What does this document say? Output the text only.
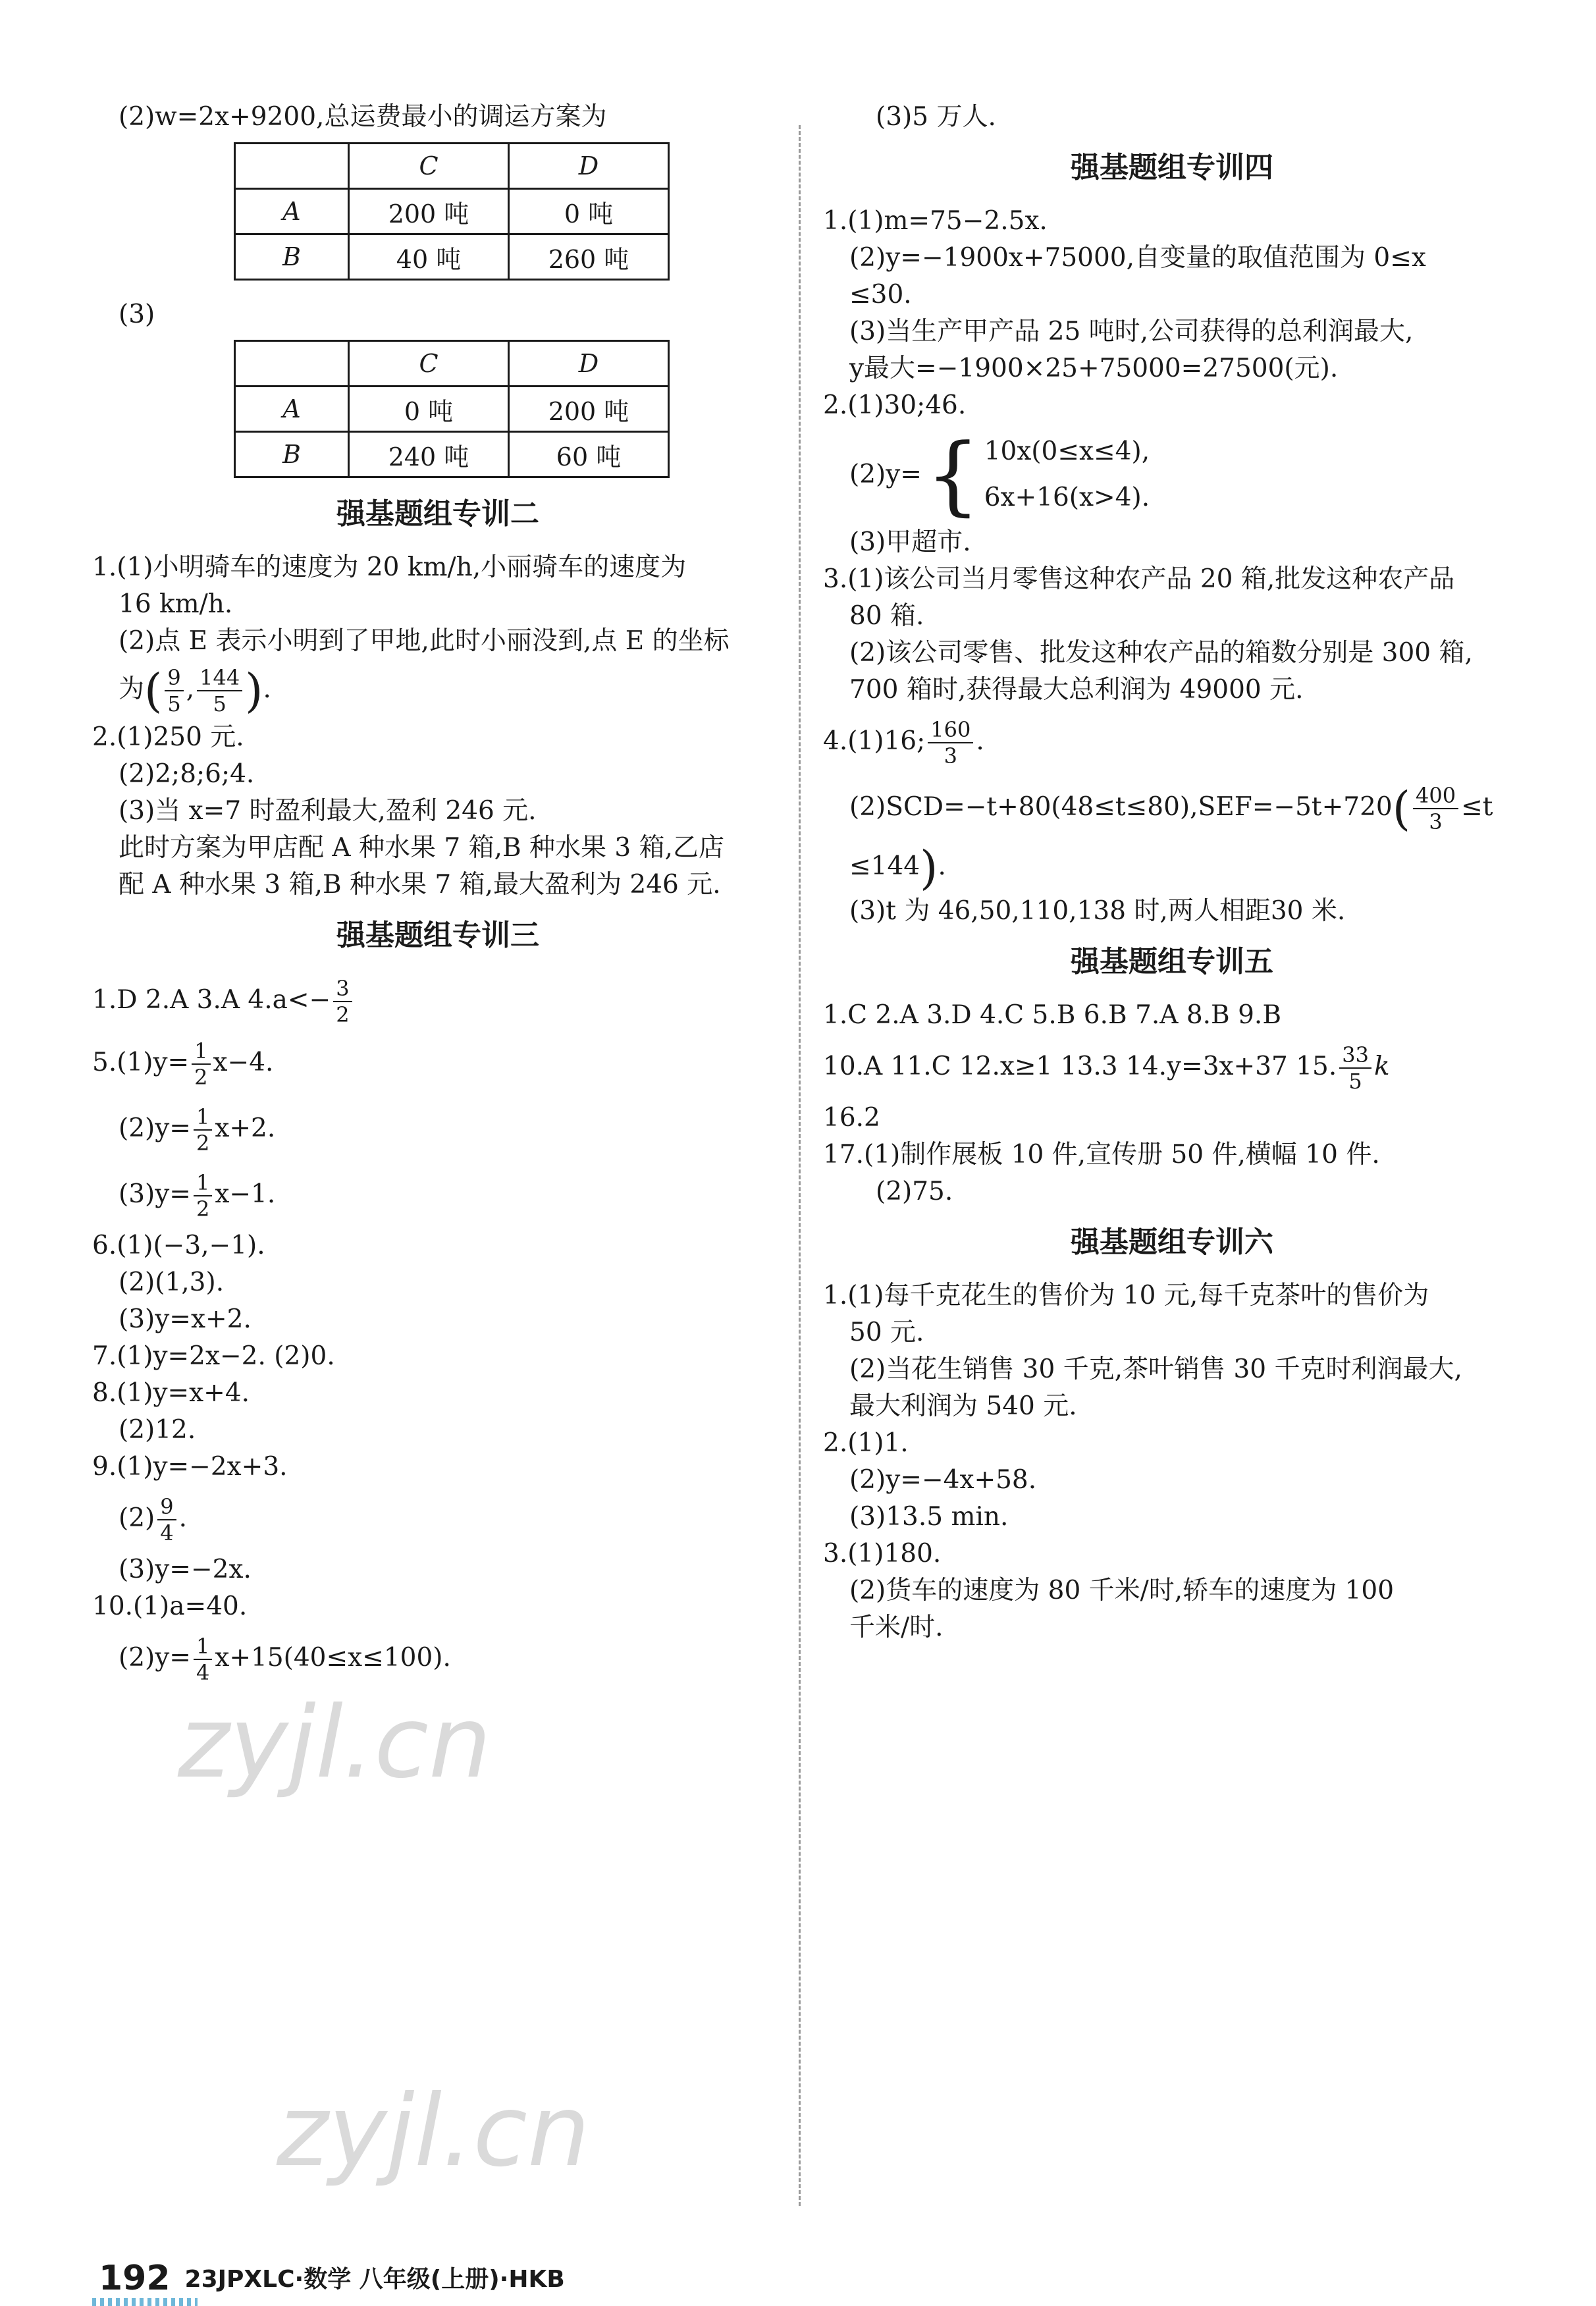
(2)w=2x+9200,总运费最小的调运方案为

	C	D
A	200 吨	0 吨
B	40 吨	260 吨

(3)

	C	D
A	0 吨	200 吨
B	240 吨	60 吨
强基题组专训二

1.(1)小明骑车的速度为 20 km/h,小丽骑车的速度为

16 km/h.

(2)点 E 表示小明到了甲地,此时小丽没到,点 E 的坐标

为( $\frac{9}{5}$ , $\frac{144}{5}$ ).

2.(1)250 元.

(2)2;8;6;4.

(3)当 x=7 时盈利最大,盈利 246 元.

此时方案为甲店配 A 种水果 7 箱,B 种水果 3 箱,乙店

配 A 种水果 3 箱,B 种水果 7 箱,最大盈利为 246 元.

强基题组专训三

1.D 2.A 3.A $4.a<- \frac{3}{2}$

$5.(1)y= \frac{1}{2} x-4$.

$(2)y= \frac{1}{2} x+2$.

$(3)y= \frac{1}{2} x-1$.

6.(1)(−3,−1).

(2)(1,3).

(3)y=x+2.

7.(1)y=2x−2. (2)0.

8.(1)y=x+4.

(2)12.

9.(1)y=−2x+3.

$(2) \frac{9}{4}$ .

(3)y=−2x.

10.(1)a=40.

$(2)y= \frac{1}{4} x+15(40\le x\le 100)$.

(3)5 万人.

强基题组专训四

1.(1)m=75−2.5x.

(2)y=−1900x+75000,自变量的取值范围为 0≤x

≤30.

(3)当生产甲产品 25 吨时,公司获得的总利润最大,

y最大=−1900×25+75000=27500(元).

2.(1)30;46.

(2)y= { 10x(0≤x≤4),
6x+16(x>4).

(3)甲超市.

3.(1)该公司当月零售这种农产品 20 箱,批发这种农产品

80 箱.

(2)该公司零售、批发这种农产品的箱数分别是 300 箱,

700 箱时,获得最大总利润为 49000 元.

4.(1)16; $\frac{160}{3}$ .

$(2)SCD=-t+80(48\le t\le 80),SEF=-5t+720( \frac{400}{3} \le t$

≤144).

(3)t 为 46,50,110,138 时,两人相距30 米.

强基题组专训五

1.C 2.A 3.D 4.C 5.B 6.B 7.A 8.B 9.B

10.A 11.C 12.x≥1 13.3 14.y=3x+37 15. $\frac{33}{5}$ k

16.2

17.(1)制作展板 10 件,宣传册 50 件,横幅 10 件.

(2)75.

强基题组专训六

1.(1)每千克花生的售价为 10 元,每千克茶叶的售价为

50 元.

(2)当花生销售 30 千克,茶叶销售 30 千克时利润最大,

最大利润为 540 元.

2.(1)1.

(2)y=−4x+58.

(3)13.5 min.

3.(1)180.

(2)货车的速度为 80 千米/时,轿车的速度为 100

千米/时.

zyjl.cn
zyjl.cn
192 23JPXLC·数学 八年级(上册)·HKB
